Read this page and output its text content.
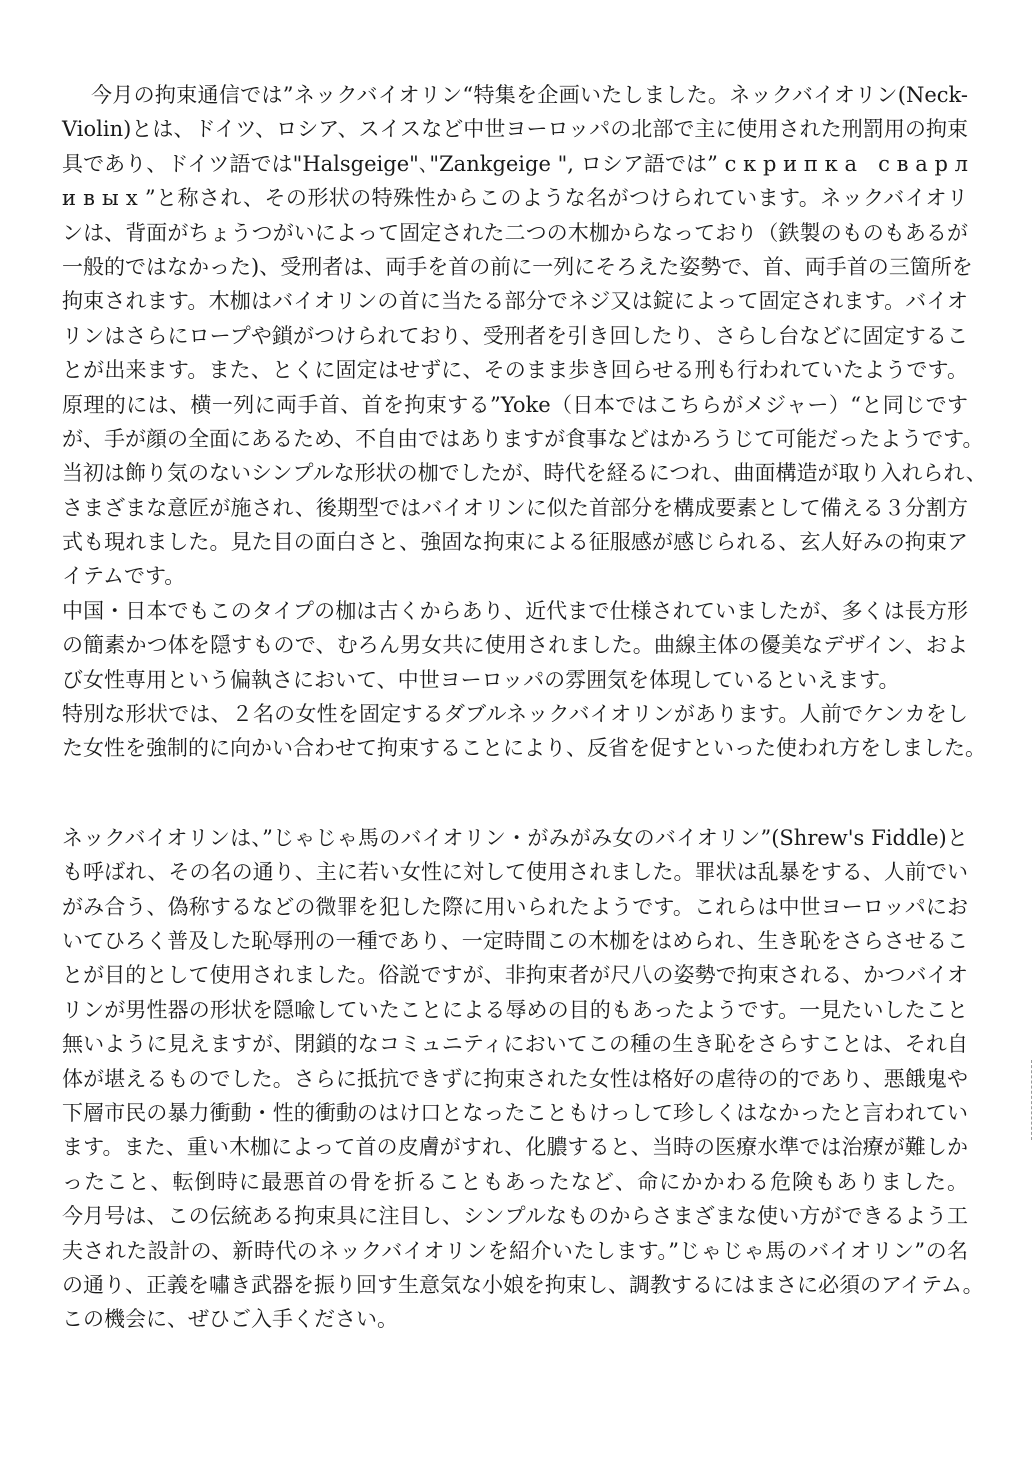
今月の拘束通信では”ネックバイオリン“特集を企画いたしました。ネックバイオリン(Neck-
Violin)とは、ドイツ、ロシア、スイスなど中世ヨーロッパの北部で主に使用された刑罰用の拘束
具であり、ドイツ語では"Halsgeige"､"Zankgeige ", ロシア語では” с к р и п к а　с в а р л
и в ы х ”と称され、その形状の特殊性からこのような名がつけられています。ネックバイオリ
ンは、背面がちょうつがいによって固定された二つの木枷からなっており（鉄製のものもあるが
一般的ではなかった)、受刑者は、両手を首の前に一列にそろえた姿勢で、首、両手首の三箇所を
拘束されます。木枷はバイオリンの首に当たる部分でネジ又は錠によって固定されます。バイオ
リンはさらにロープや鎖がつけられており、受刑者を引き回したり、さらし台などに固定するこ
とが出来ます。また、とくに固定はせずに、そのまま歩き回らせる刑も行われていたようです。
原理的には、横一列に両手首、首を拘束する”Yoke（日本ではこちらがメジャー）“と同じです
が、手が顔の全面にあるため、不自由ではありますが食事などはかろうじて可能だったようです。
当初は飾り気のないシンプルな形状の枷でしたが、時代を経るにつれ、曲面構造が取り入れられ、
さまざまな意匠が施され、後期型ではバイオリンに似た首部分を構成要素として備える３分割方
式も現れました。見た目の面白さと、強固な拘束による征服感が感じられる、玄人好みの拘束ア
イテムです。
中国・日本でもこのタイプの枷は古くからあり、近代まで仕様されていましたが、多くは長方形
の簡素かつ体を隠すもので、むろん男女共に使用されました。曲線主体の優美なデザイン、およ
び女性専用という偏執さにおいて、中世ヨーロッパの雰囲気を体現しているといえます。
特別な形状では、２名の女性を固定するダブルネックバイオリンがあります。人前でケンカをし
た女性を強制的に向かい合わせて拘束することにより、反省を促すといった使われ方をしました。
ネックバイオリンは、”じゃじゃ馬のバイオリン・がみがみ女のバイオリン”(Shrew's Fiddle)と
も呼ばれ、その名の通り、主に若い女性に対して使用されました。罪状は乱暴をする、人前でい
がみ合う、偽称するなどの微罪を犯した際に用いられたようです。これらは中世ヨーロッパにお
いてひろく普及した恥辱刑の一種であり、一定時間この木枷をはめられ、生き恥をさらさせるこ
とが目的として使用されました。俗説ですが、非拘束者が尺八の姿勢で拘束される、かつバイオ
リンが男性器の形状を隠喩していたことによる辱めの目的もあったようです。一見たいしたこと
無いように見えますが、閉鎖的なコミュニティにおいてこの種の生き恥をさらすことは、それ自
体が堪えるものでした。さらに抵抗できずに拘束された女性は格好の虐待の的であり、悪餓鬼や
下層市民の暴力衝動・性的衝動のはけ口となったこともけっして珍しくはなかったと言われてい
ます。また、重い木枷によって首の皮膚がすれ、化膿すると、当時の医療水準では治療が難しか
ったこと、転倒時に最悪首の骨を折ることもあったなど、命にかかわる危険もありました。
今月号は、この伝統ある拘束具に注目し、シンプルなものからさまざまな使い方ができるよう工
夫された設計の、新時代のネックバイオリンを紹介いたします。”じゃじゃ馬のバイオリン”の名
の通り、正義を嘯き武器を振り回す生意気な小娘を拘束し、調教するにはまさに必須のアイテム。
この機会に、ぜひご入手ください。
